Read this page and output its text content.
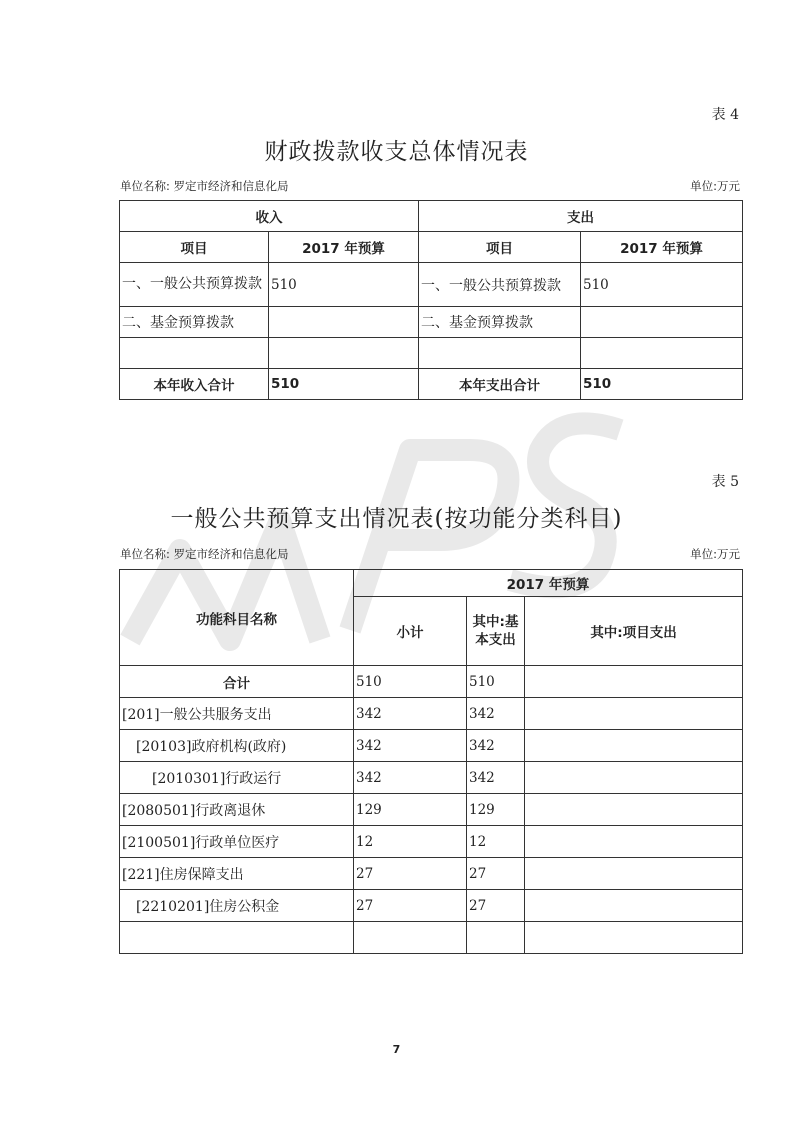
表 4
财政拨款收支总体情况表
单位名称: 罗定市经济和信息化局	单位:万元
收入		支出	
项目	2017 年预算	项目	2017 年预算
一、一般公共预算拨款	510	一、一般公共预算拨款	510
二、基金预算拨款		二、基金预算拨款	

本年收入合计	510	本年支出合计	510
表 5
一般公共预算支出情况表(按功能分类科目)
单位名称: 罗定市经济和信息化局	单位:万元
功能科目名称	2017 年预算		
	小计	其中:基本支出	其中:项目支出
合计	510	510	
[201]一般公共服务支出	342	342	
[20103]政府机构(政府)	342	342	
[2010301]行政运行	342	342	
[2080501]行政离退休	129	129	
[2100501]行政单位医疗	12	12	
[221]住房保障支出	27	27	
[2210201]住房公积金	27	27	

7
